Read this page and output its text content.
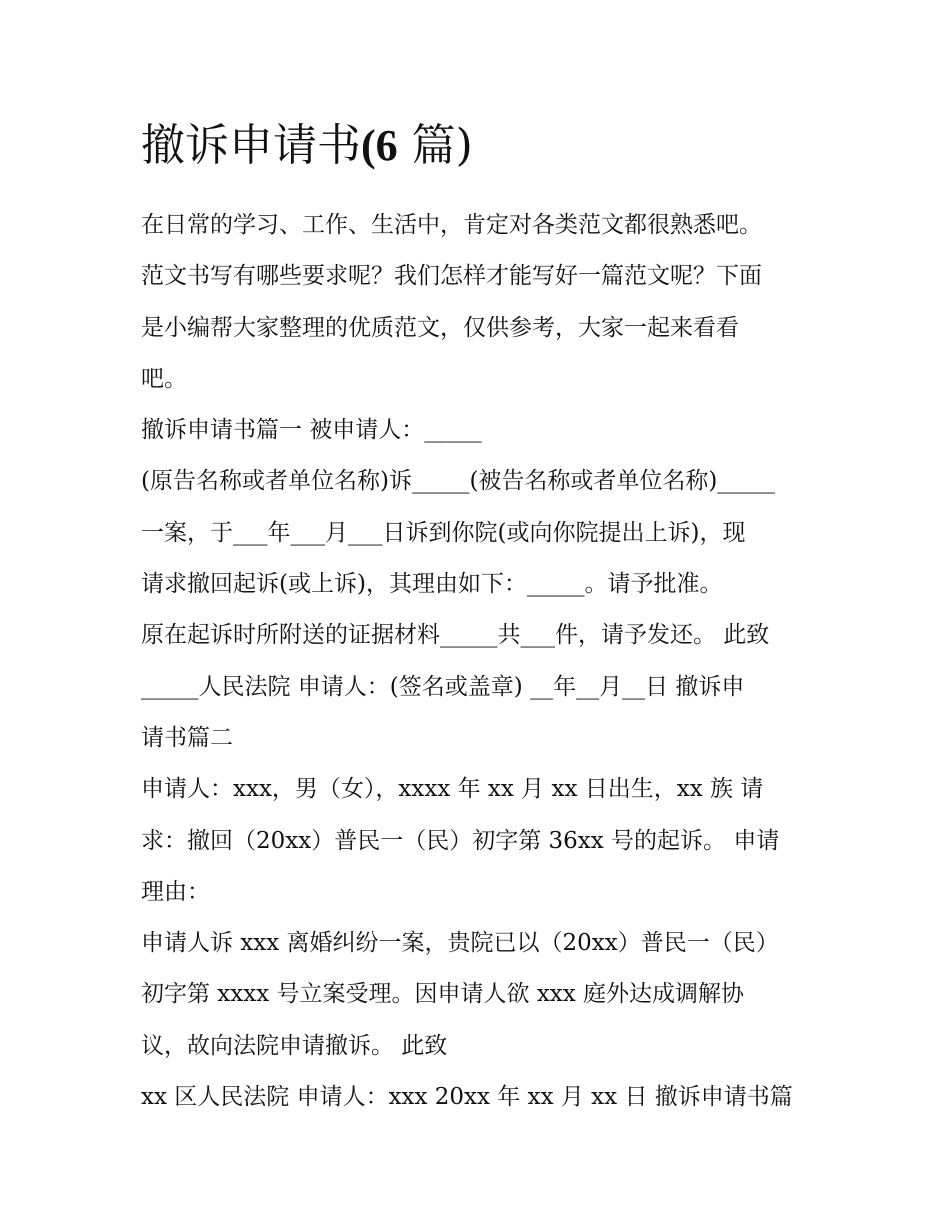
撤诉申请书(6 篇)
在日常的学习、工作、生活中，肯定对各类范文都很熟悉吧。
范文书写有哪些要求呢？我们怎样才能写好一篇范文呢？下面
是小编帮大家整理的优质范文，仅供参考，大家一起来看看
吧。
撤诉申请书篇一 被申请人：_____
(原告名称或者单位名称)诉_____(被告名称或者单位名称)_____
一案，于___年___月___日诉到你院(或向你院提出上诉)，现
请求撤回起诉(或上诉)，其理由如下：_____。请予批准。
原在起诉时所附送的证据材料_____共___件，请予发还。 此致
_____人民法院 申请人：(签名或盖章) __年__月__日 撤诉申
请书篇二
申请人：xxx，男（女），xxxx 年 xx 月 xx 日出生，xx 族 请
求：撤回（20xx）普民一（民）初字第 36xx 号的起诉。 申请
理由：
申请人诉 xxx 离婚纠纷一案，贵院已以（20xx）普民一（民）
初字第 xxxx 号立案受理。因申请人欲 xxx 庭外达成调解协
议，故向法院申请撤诉。 此致
xx 区人民法院 申请人：xxx 20xx 年 xx 月 xx 日 撤诉申请书篇
